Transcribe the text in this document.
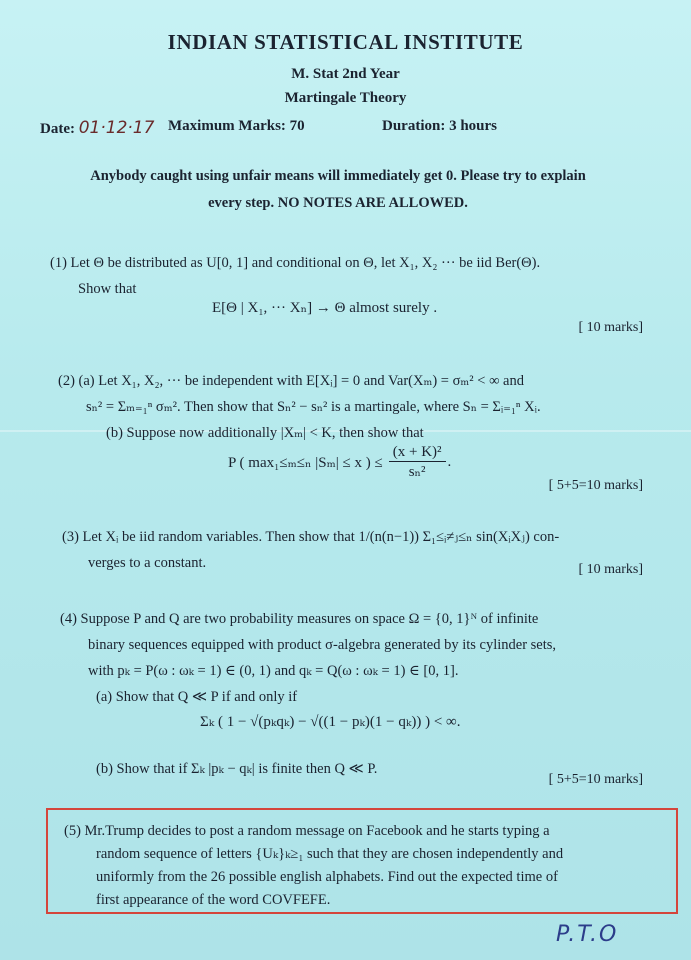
INDIAN STATISTICAL INSTITUTE
M. Stat 2nd Year
Martingale Theory
Date: 01·12·17 Maximum Marks: 70	Duration: 3 hours
Anybody caught using unfair means will immediately get 0. Please try to explain
every step. NO NOTES ARE ALLOWED.
(1) Let Θ be distributed as U[0, 1] and conditional on Θ, let X₁, X₂ ··· be iid Ber(Θ).
Show that
E[Θ | X₁, ··· Xₙ] → Θ almost surely .
[ 10 marks]
(2) (a) Let X₁, X₂, ··· be independent with E[Xᵢ] = 0 and Var(Xₘ) = σₘ² < ∞ and
sₙ² = Σₘ₌₁ⁿ σₘ². Then show that Sₙ² − sₙ² is a martingale, where Sₙ = Σᵢ₌₁ⁿ Xᵢ.
(b) Suppose now additionally |Xₘ| < K, then show that
P ( max₁≤ₘ≤ₙ |Sₘ| ≤ x ) ≤ $\frac{\text{(x + K)²}}{\text{sₙ²}}$ .
[ 5+5=10 marks]
(3) Let Xᵢ be iid random variables. Then show that 1/(n(n−1)) Σ₁≤ᵢ≠ⱼ≤ₙ sin(XᵢXⱼ) con-
verges to a constant.	[ 10 marks]
(4) Suppose P and Q are two probability measures on space Ω = {0, 1}ᴺ of infinite
binary sequences equipped with product σ-algebra generated by its cylinder sets,
with pₖ = P(ω : ωₖ = 1) ∈ (0, 1) and qₖ = Q(ω : ωₖ = 1) ∈ [0, 1].
(a) Show that Q ≪ P if and only if
Σₖ ( 1 − √(pₖqₖ) − √((1 − pₖ)(1 − qₖ)) ) < ∞.
(b) Show that if Σₖ |pₖ − qₖ| is finite then Q ≪ P.
[ 5+5=10 marks]
(5) Mr.Trump decides to post a random message on Facebook and he starts typing a
random sequence of letters {Uₖ}ₖ≥₁ such that they are chosen independently and
uniformly from the 26 possible english alphabets. Find out the expected time of
first appearance of the word COVFEFE.
P.T.O
